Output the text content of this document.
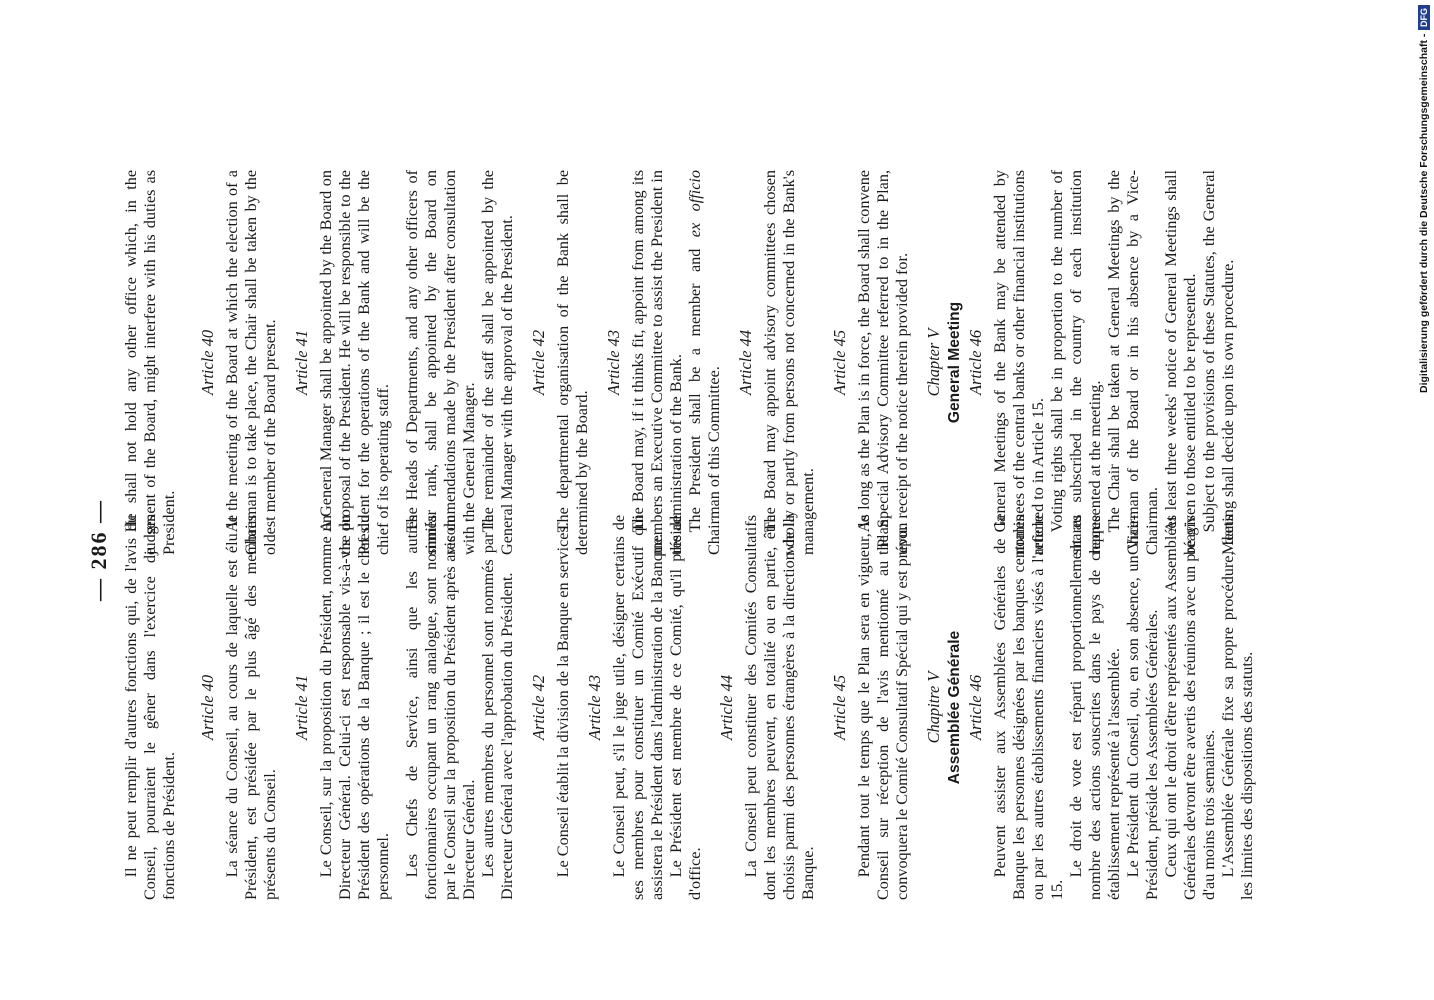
Digitalisierung gefördert durch die Deutsche Forschungsgemeinschaft -
DFG
— 286 — Il ne peut remplir d'autres fonctions qui, de l'avis du Conseil, pourraient le gêner dans l'exercice de ses fonctions de Président.

Article 40 La séance du Conseil, au cours de laquelle est élu le Président, est présidée par le plus âgé des membres présents du Conseil.

Article 41 Le Conseil, sur la proposition du Président, nomme un Directeur Général. Celui-ci est responsable vis-à-vis du Président des opérations de la Banque ; il est le chef du personnel. Les Chefs de Service, ainsi que les autres fonctionnaires occupant un rang analogue, sont nommés par le Conseil sur la proposition du Président après avis du Directeur Général. Les autres membres du personnel sont nommés par le Directeur Général avec l'approbation du Président. Article 42 Le Conseil établit la division de la Banque en services. Article 43 Le Conseil peut, s'il le juge utile, désigner certains de ses membres pour constituer un Comité Exécutif qui assistera le Président dans l'administration de la Banque. Le Président est membre de ce Comité, qu'il préside d'office.

Article 44 La Conseil peut constituer des Comités Consultatifs dont les membres peuvent, en totalité ou en partie, être choisis parmi des personnes étrangères à la direction de la Banque.

Article 45 Pendant tout le temps que le Plan sera en vigueur, le Conseil sur réception de l'avis mentionné au Plan, convoquera le Comité Consultatif Spécial qui y est prévu. Chapitre V Assemblée Générale Article 46 Peuvent assister aux Assemblées Générales de la Banque les personnes désignées par les banques centrales ou par les autres établissements financiers visés à l'article 15.

Le droit de vote est réparti proportionnellement au nombre des actions souscrites dans le pays de chaque établissement représenté à l'assemblée. Le Président du Conseil, ou, en son absence, un Vice-Président, préside les Assemblées Générales. Ceux qui ont le droit d'être représentés aux Assemblées Générales devront être avertis des réunions avec un préavis d'au moins trois semaines. L'Assemblée Générale fixe sa propre procédure, dans les limites des dispositions des statuts.

He shall not hold any other office which, in the judgment of the Board, might interfere with his duties as President.

Article 40 At the meeting of the Board at which the election of a Chairman is to take place, the Chair shall be taken by the oldest member of the Board present. Article 41 A General Manager shall be appointed by the Board on the proposal of the President. He will be responsible to the President for the operations of the Bank and will be the chief of its operating staff. The Heads of Departments, and any other officers of similar rank, shall be appointed by the Board on recommendations made by the President after consultation with the General Manager. The remainder of the staff shall be appointed by the General Manager with the approval of the President. Article 42 The departmental organisation of the Bank shall be determined by the Board.

Article 43 The Board may, if it thinks fit, appoint from among its members an Executive Committee to assist the President in the administration of the Bank. The President shall be a member and ex officio Chairman of this Committee.

Article 44 The Board may appoint advisory committees chosen wholly or partly from persons not concerned in the Bank's management.

Article 45 As long as the Plan is in force, the Board shall convene the Special Advisory Committee referred to in the Plan, upon receipt of the notice therein provided for. Chapter V General Meeting Article 46 General Meetings of the Bank may be attended by nominees of the central banks or other financial institutions referred to in Article 15. Voting rights shall be in proportion to the number of shares subscribed in the country of each institution represented at the meeting. The Chair shall be taken at General Meetings by the Chairman of the Board or in his absence by a Vice-Chairman. At least three weeks' notice of General Meetings shall be given to those entitled to be represented. Subject to the provisions of these Statutes, the General Meeting shall decide upon its own procedure.
